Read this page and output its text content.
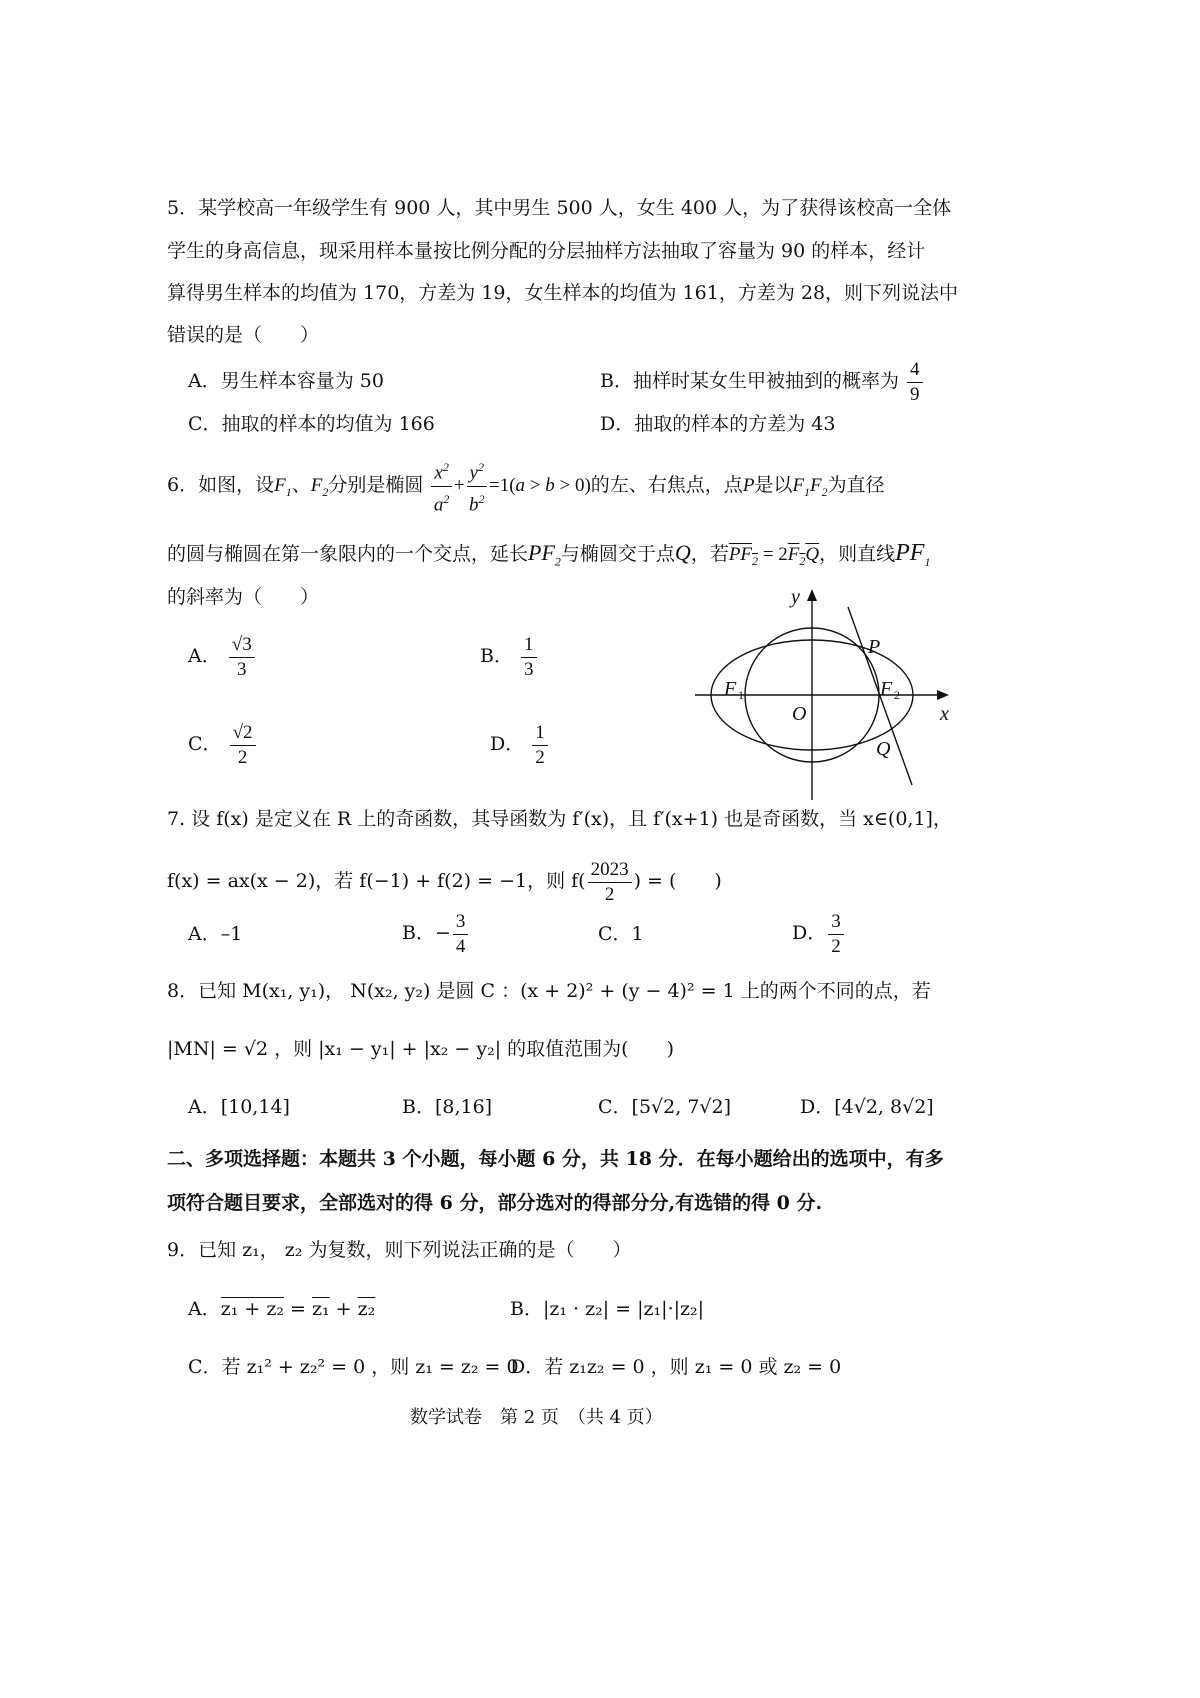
5．某学校高一年级学生有 900 人，其中男生 500 人，女生 400 人，为了获得该校高一全体
学生的身高信息，现采用样本量按比例分配的分层抽样方法抽取了容量为 90 的样本，经计
算得男生样本的均值为 170，方差为 19，女生样本的均值为 161，方差为 28，则下列说法中
错误的是（　　）
A．男生样本容量为 50	B．抽样时某女生甲被抽到的概率为 $\frac{4}{9}$
C．抽取的样本的均值为 166	D．抽取的样本的方差为 43
6．如图，设$F_1$、$F_2$分别是椭圆 $\frac{x^2}{a^2} + \frac{y^2}{b^2} =1(a > b > 0)$的左、右焦点，点P是以$F_1F_2$为直径
的圆与椭圆在第一象限内的一个交点，延长$PF_2$与椭圆交于点Q，若$PF_2 = 2F_2Q$，则直线$PF_1$
的斜率为（　　）
A． $\frac{√3}{3}$	B． $\frac{1}{3}$
C． $\frac{√2}{2}$	D． $\frac{1}{2}$
y
x
O
P
Q
F 1	F 2
7. 设 f(x) 是定义在 R 上的奇函数，其导函数为 f′(x)，且 f′(x+1) 也是奇函数，当 x∈(0,1]，
f(x) = ax(x − 2)，若 f(−1) + f(2) = −1，则 $f( \frac{2023}{2}$ ) = (　　)
A．–1	B．− $\frac{3}{4}$	C．1	D． $\frac{3}{2}$
8．已知 M(x₁, y₁)， N(x₂, y₂) 是圆 C ：(x + 2)² + (y − 4)² = 1 上的两个不同的点，若
|MN| = √2 ，则 |x₁ − y₁| + |x₂ − y₂| 的取值范围为(　　)
A．[10,14]	B．[8,16]	C．[5√2, 7√2]	D．[4√2, 8√2]
二、多项选择题：本题共 3 个小题，每小题 6 分，共 18 分．在每小题给出的选项中，有多
项符合题目要求，全部选对的得 6 分，部分选对的得部分分,有选错的得 0 分.
9．已知 z₁， z₂ 为复数，则下列说法正确的是（　　）
A．z₁ + z₂ = z₁ + z₂	B．|z₁ · z₂| = |z₁|·|z₂|
C．若 z₁² + z₂² = 0 ，则 z₁ = z₂ = 0
D．若 z₁z₂ = 0 ，则 z₁ = 0 或 z₂ = 0
数学试卷　第 2 页　（共 4 页）
